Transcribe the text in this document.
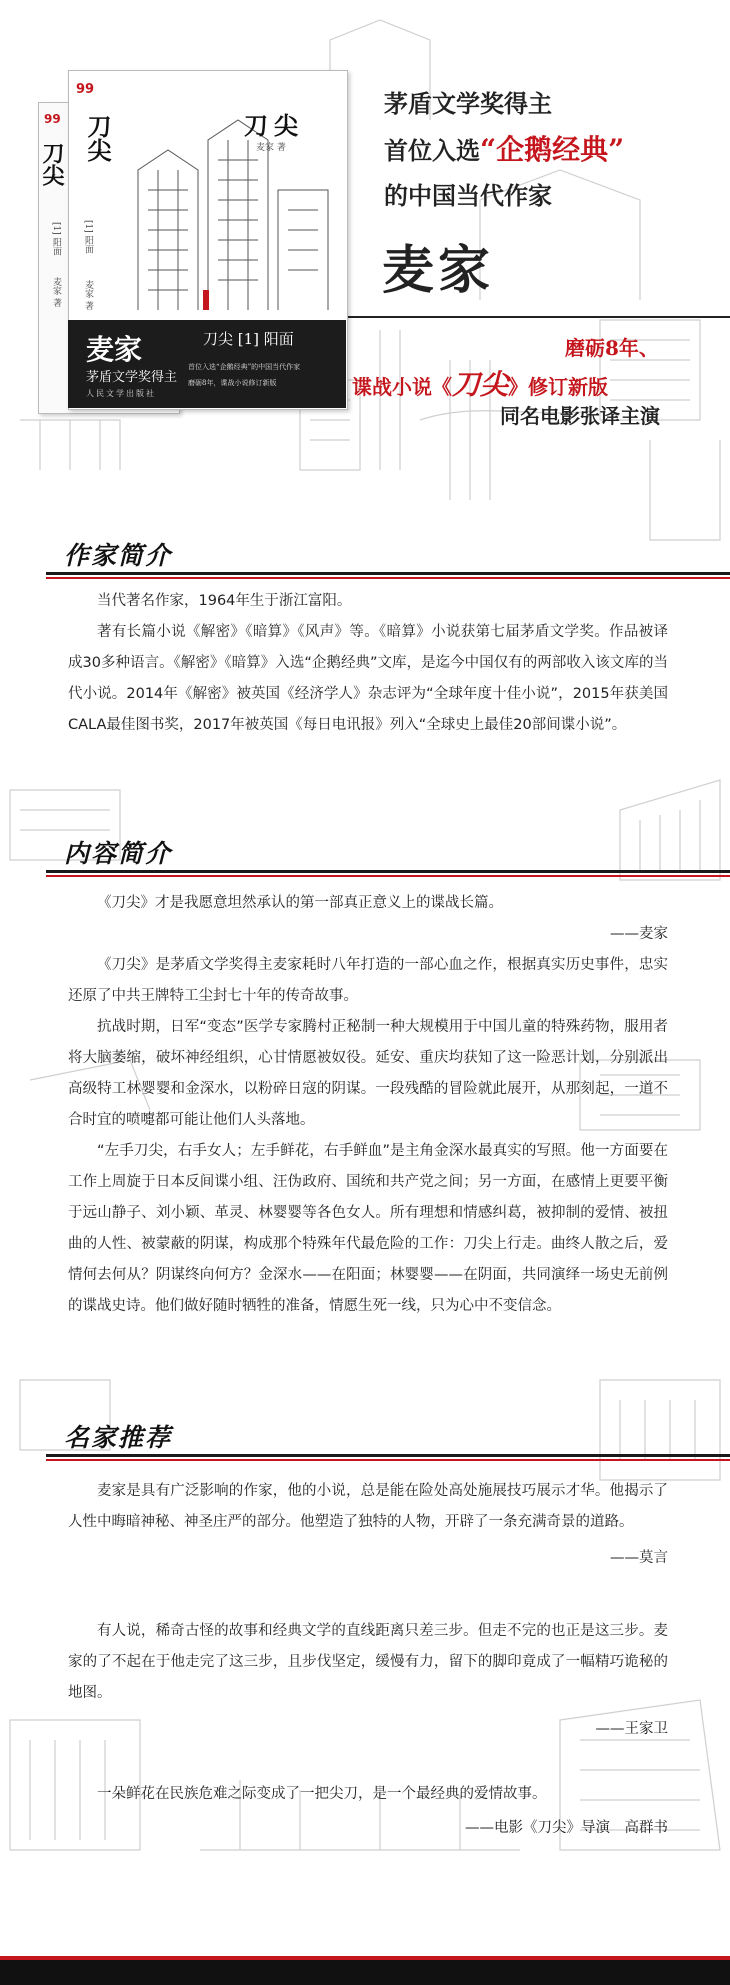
99
刀尖
[1] 阳面
麦家 著
99
刀尖
[1] 阳面
麦家 著
刀尖
麦家 著
麦家
茅盾文学奖得主
人民文学出版社
刀尖 [1] 阳面
首位入选“企鹅经典”的中国当代作家
磨砺8年，谍战小说修订新版
茅盾文学奖得主
首位入选“企鹅经典”
的中国当代作家
麦家
磨砺8年、
谍战小说《刀尖》修订新版
同名电影张译主演
作家简介

当代著名作家，1964年生于浙江富阳。

著有长篇小说《解密》《暗算》《风声》等。《暗算》小说获第七届茅盾文学奖。作品被译成30多种语言。《解密》《暗算》入选“企鹅经典”文库，是迄今中国仅有的两部收入该文库的当代小说。2014年《解密》被英国《经济学人》杂志评为“全球年度十佳小说”，2015年获美国CALA最佳图书奖，2017年被英国《每日电讯报》列入“全球史上最佳20部间谍小说”。

内容简介

《刀尖》才是我愿意坦然承认的第一部真正意义上的谍战长篇。

——麦家

《刀尖》是茅盾文学奖得主麦家耗时八年打造的一部心血之作，根据真实历史事件，忠实还原了中共王牌特工尘封七十年的传奇故事。

抗战时期，日军“变态”医学专家腾村正秘制一种大规模用于中国儿童的特殊药物，服用者将大脑萎缩，破坏神经组织，心甘情愿被奴役。延安、重庆均获知了这一险恶计划，分别派出高级特工林婴婴和金深水，以粉碎日寇的阴谋。一段残酷的冒险就此展开，从那刻起，一道不合时宜的喷嚏都可能让他们人头落地。

“左手刀尖，右手女人；左手鲜花，右手鲜血”是主角金深水最真实的写照。他一方面要在工作上周旋于日本反间谍小组、汪伪政府、国统和共产党之间；另一方面，在感情上更要平衡于远山静子、刘小颖、革灵、林婴婴等各色女人。所有理想和情感纠葛，被抑制的爱情、被扭曲的人性、被蒙蔽的阴谋，构成那个特殊年代最危险的工作：刀尖上行走。曲终人散之后，爱情何去何从？阴谋终向何方？金深水——在阳面；林婴婴——在阴面，共同演绎一场史无前例的谍战史诗。他们做好随时牺牲的准备，情愿生死一线，只为心中不变信念。

名家推荐

麦家是具有广泛影响的作家，他的小说，总是能在险处高处施展技巧展示才华。他揭示了人性中晦暗神秘、神圣庄严的部分。他塑造了独特的人物，开辟了一条充满奇景的道路。

——莫言

有人说，稀奇古怪的故事和经典文学的直线距离只差三步。但走不完的也正是这三步。麦家的了不起在于他走完了这三步，且步伐坚定，缓慢有力，留下的脚印竟成了一幅精巧诡秘的地图。

——王家卫

一朵鲜花在民族危难之际变成了一把尖刀，是一个最经典的爱情故事。

——电影《刀尖》导演　高群书
